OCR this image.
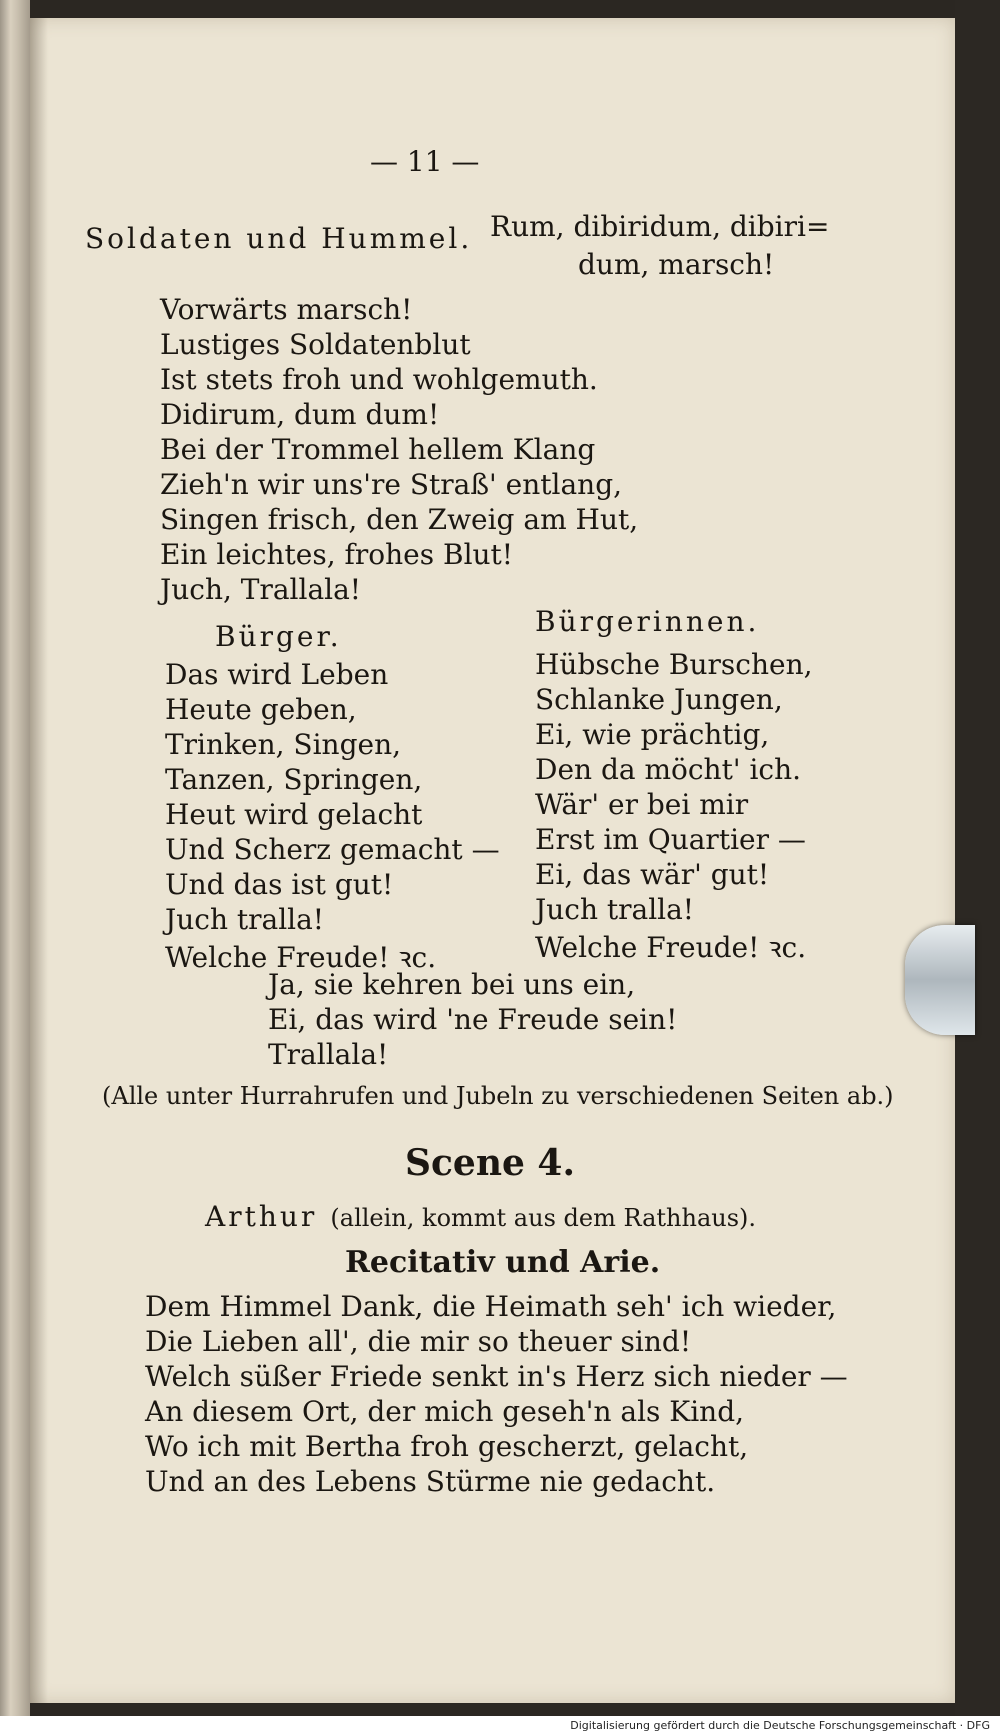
— 11 —
Soldaten und Hummel. Rum, dibiridum, dibiri=
dum, marsch!
Vorwärts marsch!
Lustiges Soldatenblut
Ist stets froh und wohlgemuth.
Didirum, dum dum!
Bei der Trommel hellem Klang
Zieh'n wir uns're Straß' entlang,
Singen frisch, den Zweig am Hut,
Ein leichtes, frohes Blut!
Juch, Trallala!
Bürger.
Das wird Leben
Heute geben,
Trinken, Singen,
Tanzen, Springen,
Heut wird gelacht
Und Scherz gemacht —
Und das ist gut!
Juch tralla!
Welche Freude! ꝛc.
Bürgerinnen.
Hübsche Burschen,
Schlanke Jungen,
Ei, wie prächtig,
Den da möcht' ich.
Wär' er bei mir
Erst im Quartier —
Ei, das wär' gut!
Juch tralla!
Welche Freude! ꝛc.
Ja, sie kehren bei uns ein,
Ei, das wird 'ne Freude sein!
Trallala!
(Alle unter Hurrahrufen und Jubeln zu verschiedenen Seiten ab.)
Scene 4.
Arthur (allein, kommt aus dem Rathhaus).
Recitativ und Arie.
Dem Himmel Dank, die Heimath seh' ich wieder,
Die Lieben all', die mir so theuer sind!
Welch süßer Friede senkt in's Herz sich nieder —
An diesem Ort, der mich geseh'n als Kind,
Wo ich mit Bertha froh gescherzt, gelacht,
Und an des Lebens Stürme nie gedacht.
Digitalisierung gefördert durch die Deutsche Forschungsgemeinschaft · DFG
